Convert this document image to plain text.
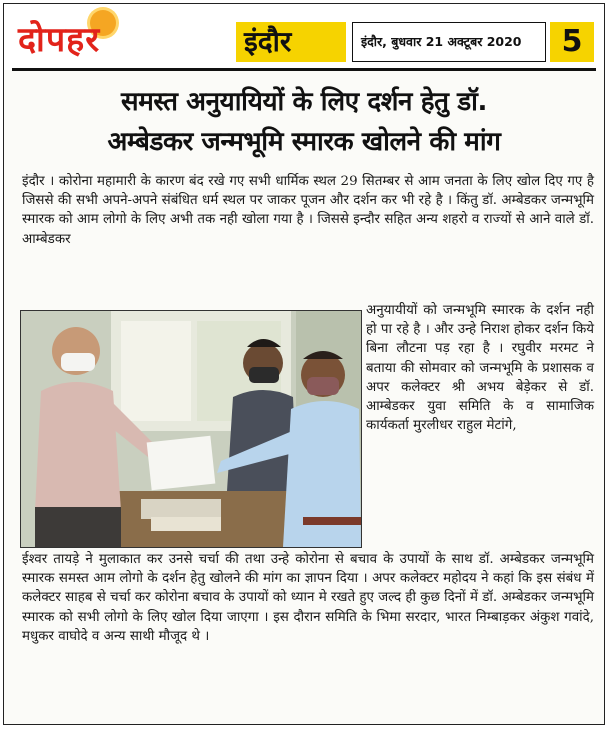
दोपहर	इंदौर	इंदौर, बुधवार 21 अक्टूबर 2020	5
समस्त अनुयायियों के लिए दर्शन हेतु डॉ.
अम्बेडकर जन्मभूमि स्मारक खोलने की मांग

इंदौर । कोरोना महामारी के कारण बंद रखे गए सभी धार्मिक स्थल 29 सितम्बर से आम जनता के लिए खोल दिए गए है जिससे की सभी अपने-अपने संबंधित धर्म स्थल पर जाकर पूजन और दर्शन कर भी रहे है । किंतु डॉ. अम्बेडकर जन्मभूमि स्मारक को आम लोगो के लिए अभी तक नही खोला गया है । जिससे इन्दौर सहित अन्य शहरो व राज्यों से आने वाले डॉ. आम्बेडकर

अनुयायीयों को जन्मभूमि स्मारक के दर्शन नही हो पा रहे है । और उन्हे निराश होकर दर्शन किये बिना लौटना पड़ रहा है । रघुवीर मरमट ने बताया की सोमवार को जन्मभूमि के प्रशासक व अपर कलेक्टर श्री अभय बेड़ेकर से डॉ. आम्बेडकर युवा समिति के व सामाजिक कार्यकर्ता मुरलीधर राहुल मेटांगे,

ईश्वर तायड़े ने मुलाकात कर उनसे चर्चा की तथा उन्हे कोरोना से बचाव के उपायों के साथ डॉ. अम्बेडकर जन्मभूमि स्मारक समस्त आम लोगो के दर्शन हेतु खोलने की मांग का ज्ञापन दिया । अपर कलेक्टर महोदय ने कहां कि इस संबंध में कलेक्टर साहब से चर्चा कर कोरोना बचाव के उपायों को ध्यान मे रखते हुए जल्द ही कुछ दिनों में डॉ. अम्बेडकर जन्मभूमि स्मारक को सभी लोगो के लिए खोल दिया जाएगा । इस दौरान समिति के भिमा सरदार, भारत निम्बाड़कर अंकुश गवांदे, मधुकर वाघोदे व अन्य साथी मौजूद थे ।
